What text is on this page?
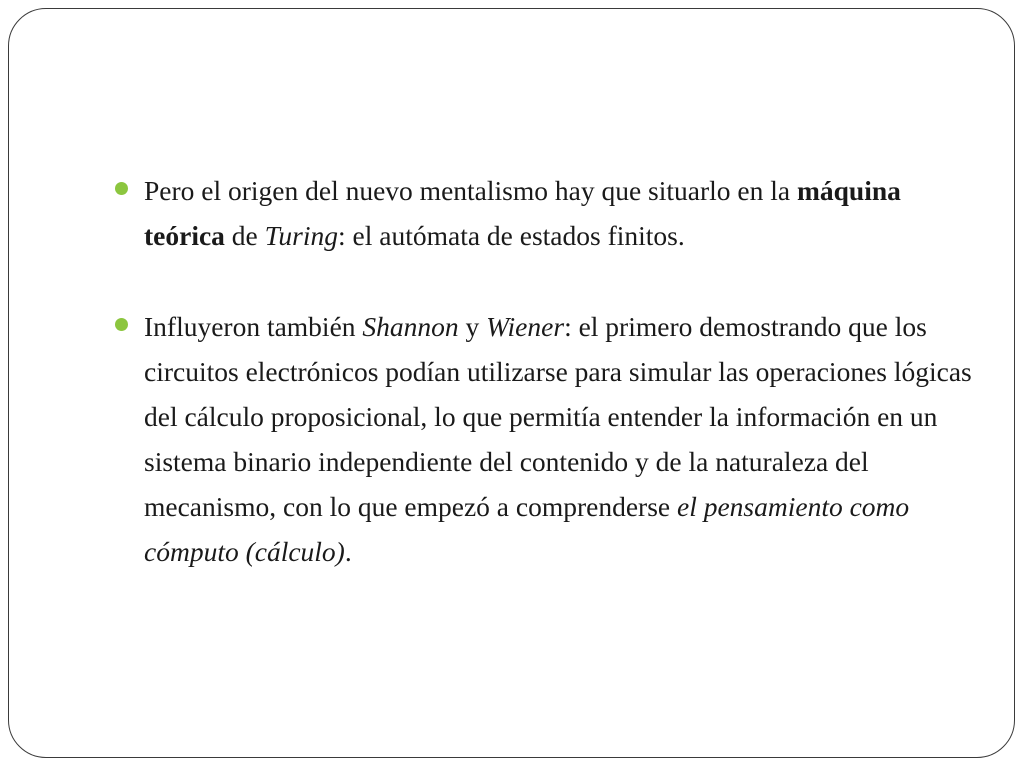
Pero el origen del nuevo mentalismo hay que situarlo en la máquina teórica de Turing: el autómata de estados finitos.
Influyeron también Shannon y Wiener: el primero demostrando que los circuitos electrónicos podían utilizarse para simular las operaciones lógicas del cálculo proposicional, lo que permitía entender la información en un sistema binario independiente del contenido y de la naturaleza del mecanismo, con lo que empezó a comprenderse el pensamiento como cómputo (cálculo).
